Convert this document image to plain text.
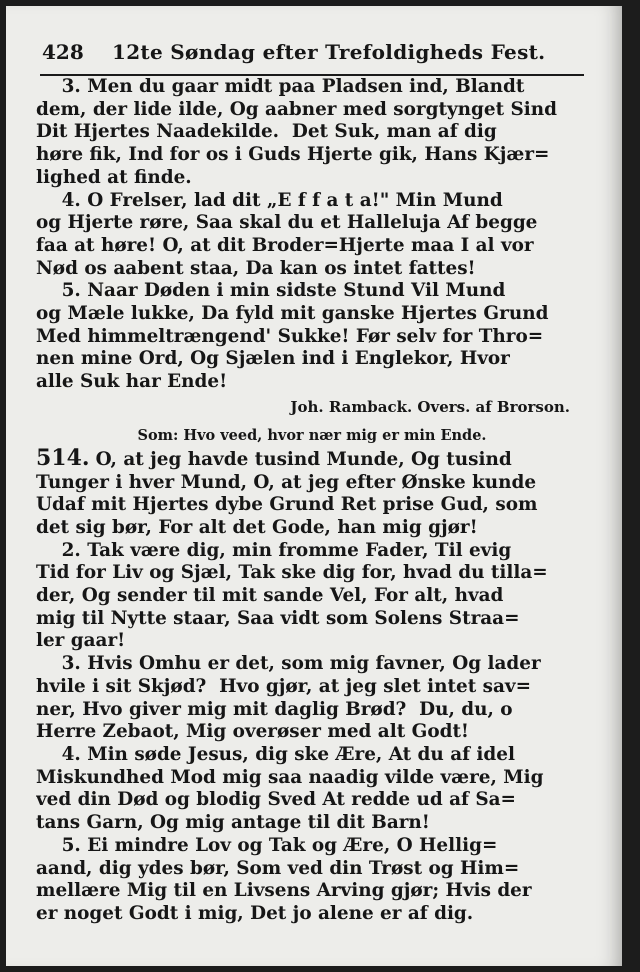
428	12te Søndag efter Trefoldigheds Fest.
3. Men du gaar midt paa Pladsen ind, Blandt
dem, der lide ilde, Og aabner med sorgtynget Sind
Dit Hjertes Naadekilde.  Det Suk, man af dig
høre fik, Ind for os i Guds Hjerte gik, Hans Kjær=
lighed at finde.
4. O Frelser, lad dit „E f f a t a!" Min Mund
og Hjerte røre, Saa skal du et Halleluja Af begge
faa at høre! O, at dit Broder=Hjerte maa I al vor
Nød os aabent staa, Da kan os intet fattes!
5. Naar Døden i min sidste Stund Vil Mund
og Mæle lukke, Da fyld mit ganske Hjertes Grund
Med himmeltrængend' Sukke! Før selv for Thro=
nen mine Ord, Og Sjælen ind i Englekor, Hvor
alle Suk har Ende!
Joh. Ramback. Overs. af Brorson.
Som: Hvo veed, hvor nær mig er min Ende.
514. O, at jeg havde tusind Munde, Og tusind
Tunger i hver Mund, O, at jeg efter Ønske kunde
Udaf mit Hjertes dybe Grund Ret prise Gud, som
det sig bør, For alt det Gode, han mig gjør!
2. Tak være dig, min fromme Fader, Til evig
Tid for Liv og Sjæl, Tak ske dig for, hvad du tilla=
der, Og sender til mit sande Vel, For alt, hvad
mig til Nytte staar, Saa vidt som Solens Straa=
ler gaar!
3. Hvis Omhu er det, som mig favner, Og lader
hvile i sit Skjød?  Hvo gjør, at jeg slet intet sav=
ner, Hvo giver mig mit daglig Brød?  Du, du, o
Herre Zebaot, Mig overøser med alt Godt!
4. Min søde Jesus, dig ske Ære, At du af idel
Miskundhed Mod mig saa naadig vilde være, Mig
ved din Død og blodig Sved At redde ud af Sa=
tans Garn, Og mig antage til dit Barn!
5. Ei mindre Lov og Tak og Ære, O Hellig=
aand, dig ydes bør, Som ved din Trøst og Him=
mellære Mig til en Livsens Arving gjør; Hvis der
er noget Godt i mig, Det jo alene er af dig.
